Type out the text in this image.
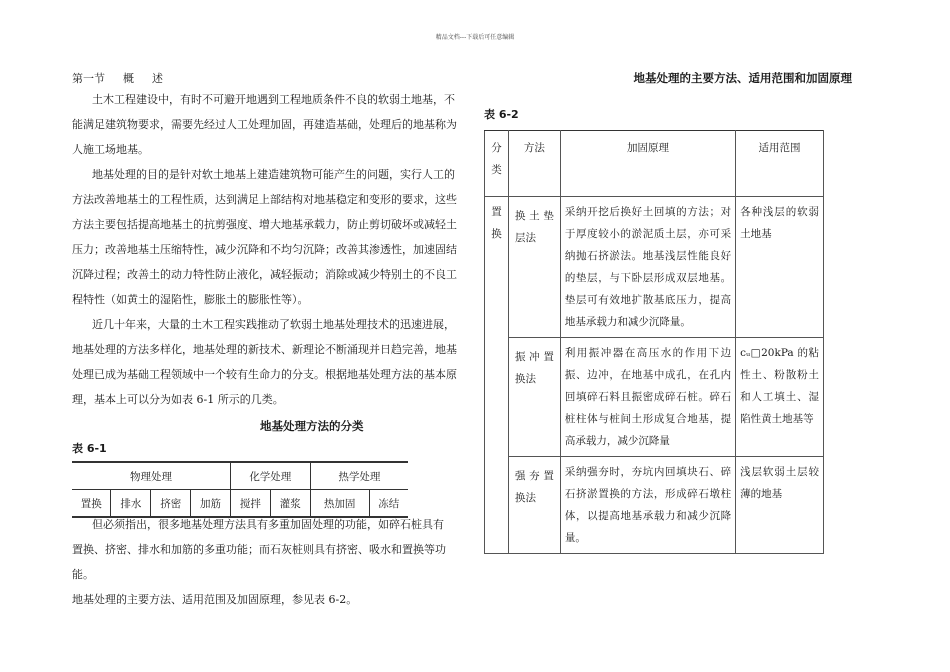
精品文档---下载后可任意编辑
第一节 概 述

土木工程建设中，有时不可避开地遇到工程地质条件不良的软弱土地基，不
能满足建筑物要求，需要先经过人工处理加固，再建造基础，处理后的地基称为
人施工场地基。

地基处理的目的是针对软土地基上建造建筑物可能产生的问题，实行人工的
方法改善地基土的工程性质，达到满足上部结构对地基稳定和变形的要求，这些
方法主要包括提高地基土的抗剪强度、增大地基承载力，防止剪切破坏或减轻土
压力；改善地基土压缩特性，减少沉降和不均匀沉降；改善其渗透性，加速固结
沉降过程；改善土的动力特性防止液化，减轻振动；消除或减少特别土的不良工
程特性（如黄土的湿陷性，膨胀土的膨胀性等）。

近几十年来，大量的土木工程实践推动了软弱土地基处理技术的迅速进展，
地基处理的方法多样化，地基处理的新技术、新理论不断涌现并日趋完善，地基
处理已成为基础工程领域中一个较有生命力的分支。根据地基处理方法的基本原
理，基本上可以分为如表 6-1 所示的几类。

地基处理方法的分类
表 6-1
物理处理				化学处理		热学处理	
置换	排水	挤密	加筋	搅拌	灌浆	热加固	冻结

但必须指出，很多地基处理方法具有多重加固处理的功能，如碎石桩具有
置换、挤密、排水和加筋的多重功能；而石灰桩则具有挤密、吸水和置换等功能。
地基处理的主要方法、适用范围及加固原理，参见表 6-2。

地基处理的主要方法、适用范围和加固原理
表 6-2
分类	方法	加固原理	适用范围
置换	换土垫层法	采纳开挖后换好土回填的方法；对于厚度较小的淤泥质土层，亦可采纳抛石挤淤法。地基浅层性能良好的垫层，与下卧层形成双层地基。垫层可有效地扩散基底压力，提高地基承载力和减少沉降量。	各种浅层的软弱土地基
	振冲置换法	利用振冲器在高压水的作用下边振、边冲，在地基中成孔，在孔内回填碎石料且振密成碎石桩。碎石桩柱体与桩间土形成复合地基，提高承载力，减少沉降量	cᵤ□20kPa 的粘性土、粉散粉土和人工填土、湿陷性黄土地基等
	强夯置换法	采纳强夯时，夯坑内回填块石、碎石挤淤置换的方法，形成碎石墩柱体，以提高地基承载力和减少沉降量。	浅层软弱土层较薄的地基
